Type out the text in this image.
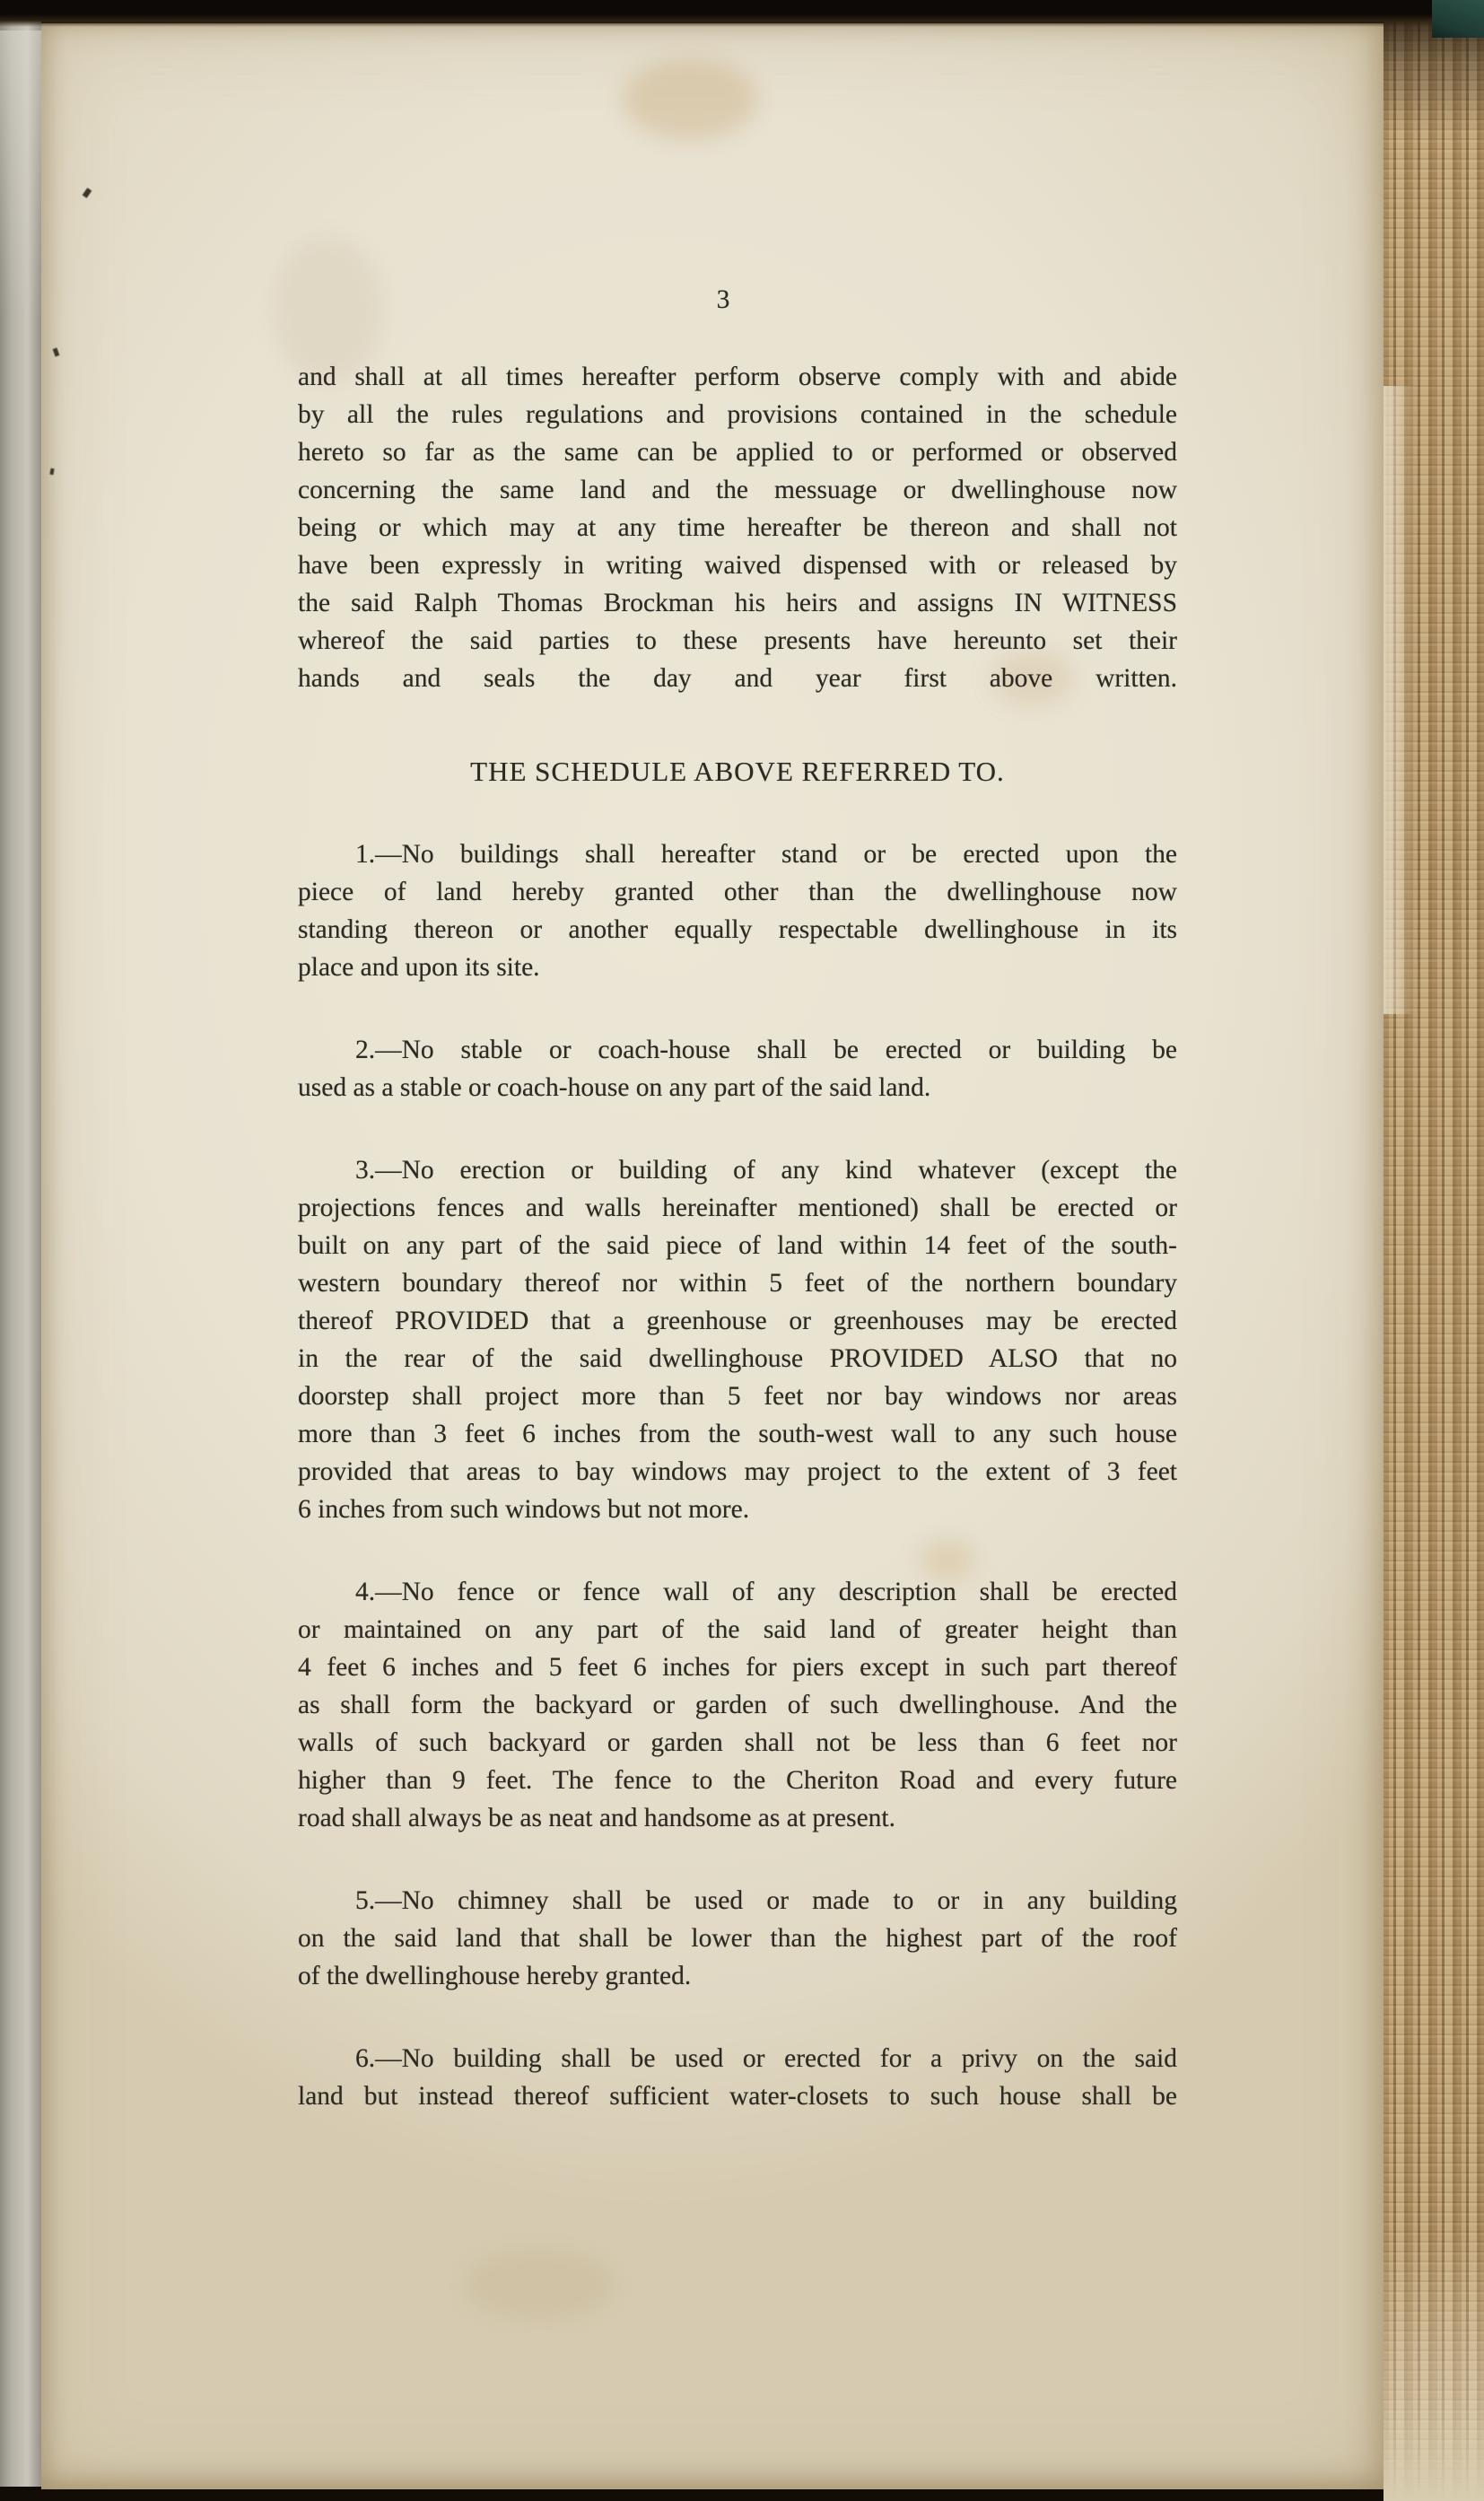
3
and shall at all times hereafter perform observe comply with and abide
by all the rules regulations and provisions contained in the schedule
hereto so far as the same can be applied to or performed or observed
concerning the same land and the messuage or dwellinghouse now
being or which may at any time hereafter be thereon and shall not
have been expressly in writing waived dispensed with or released by
the said Ralph Thomas Brockman his heirs and assigns IN WITNESS
whereof the said parties to these presents have hereunto set their
hands and seals the day and year first above written.
THE SCHEDULE ABOVE REFERRED TO.
1.—No buildings shall hereafter stand or be erected upon the
piece of land hereby granted other than the dwellinghouse now
standing thereon or another equally respectable dwellinghouse in its
place and upon its site.
2.—No stable or coach-house shall be erected or building be
used as a stable or coach-house on any part of the said land.
3.—No erection or building of any kind whatever (except the
projections fences and walls hereinafter mentioned) shall be erected or
built on any part of the said piece of land within 14 feet of the south-
western boundary thereof nor within 5 feet of the northern boundary
thereof PROVIDED that a greenhouse or greenhouses may be erected
in the rear of the said dwellinghouse PROVIDED ALSO that no
doorstep shall project more than 5 feet nor bay windows nor areas
more than 3 feet 6 inches from the south-west wall to any such house
provided that areas to bay windows may project to the extent of 3 feet
6 inches from such windows but not more.
4.—No fence or fence wall of any description shall be erected
or maintained on any part of the said land of greater height than
4 feet 6 inches and 5 feet 6 inches for piers except in such part thereof
as shall form the backyard or garden of such dwellinghouse. And the
walls of such backyard or garden shall not be less than 6 feet nor
higher than 9 feet. The fence to the Cheriton Road and every future
road shall always be as neat and handsome as at present.
5.—No chimney shall be used or made to or in any building
on the said land that shall be lower than the highest part of the roof
of the dwellinghouse hereby granted.
6.—No building shall be used or erected for a privy on the said
land but instead thereof sufficient water-closets to such house shall be
